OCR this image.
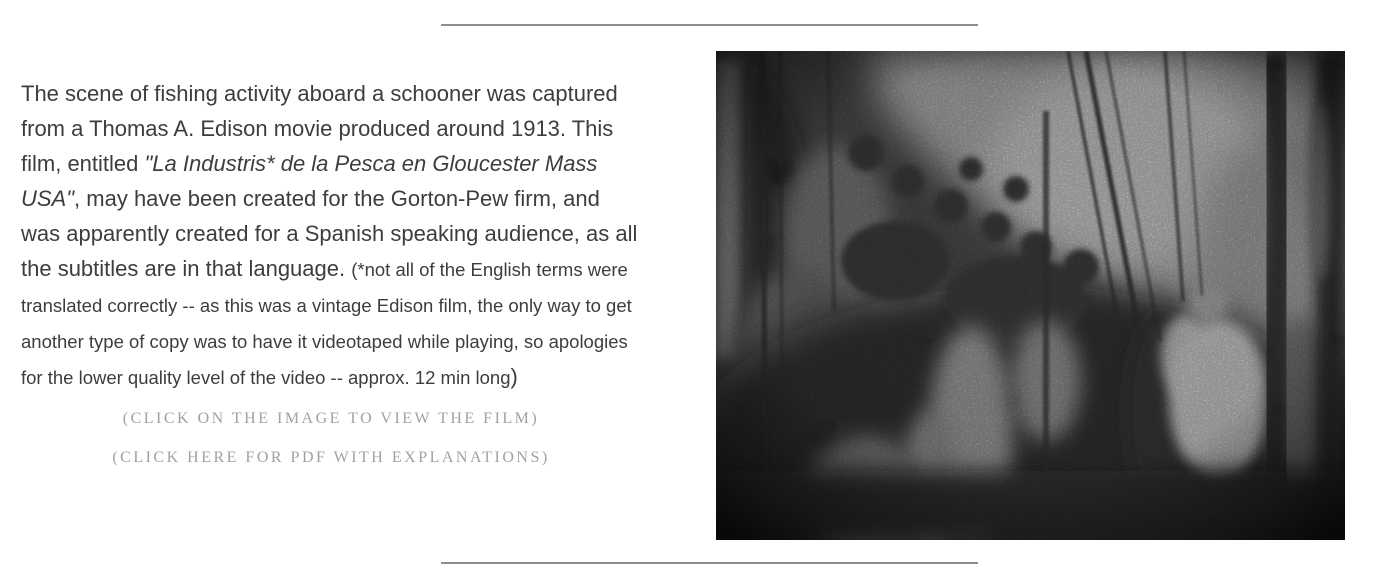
The scene of fishing activity aboard a schooner was captured from a Thomas A. Edison movie produced around 1913. This film, entitled "La Industris* de la Pesca en Gloucester Mass USA", may have been created for the Gorton-Pew firm, and was apparently created for a Spanish speaking audience, as all the subtitles are in that language. (*not all of the English terms were translated correctly -- as this was a vintage Edison film, the only way to get another type of copy was to have it videotaped while playing, so apologies for the lower quality level of the video -- approx. 12 min long)

(CLICK ON THE IMAGE TO VIEW THE FILM)
(CLICK HERE FOR PDF WITH EXPLANATIONS)
